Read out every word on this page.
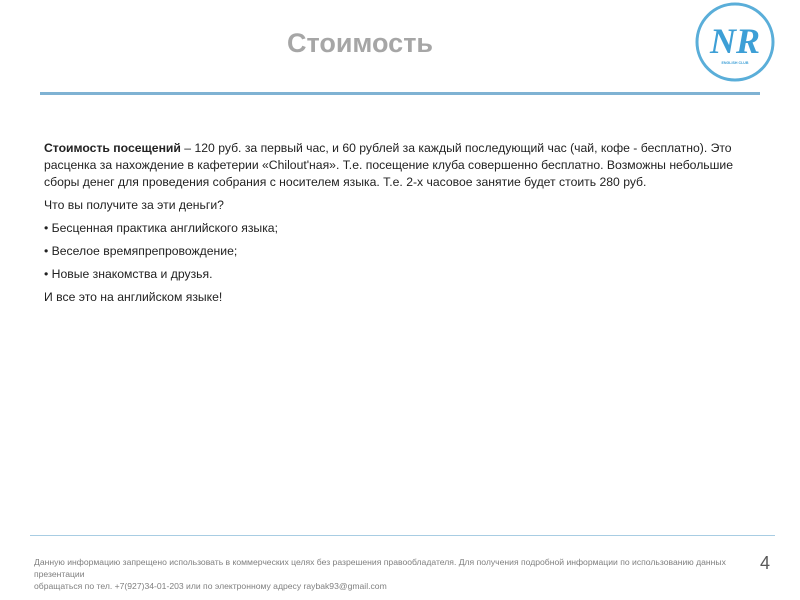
Стоимость	NR
ENGLISH CLUB

Стоимость посещений – 120 руб. за первый час, и 60 рублей за каждый последующий час (чай, кофе - бесплатно). Это расценка за нахождение в кафетерии «Chilout'ная». Т.е. посещение клуба совершенно бесплатно. Возможны небольшие сборы денег для проведения собрания с носителем языка. Т.е. 2-х часовое занятие будет стоить 280 руб.

Что вы получите за эти деньги?

• Бесценная практика английского языка;

• Веселое времяпрепровождение;

• Новые знакомства и друзья.

И все это на английском языке!

Данную информацию запрещено использовать в коммерческих целях без разрешения правообладателя. Для получения подробной информации по использованию данных презентации
обращаться по тел. +7(927)34-01-203 или по электронному адресу raybak93@gmail.com
4
